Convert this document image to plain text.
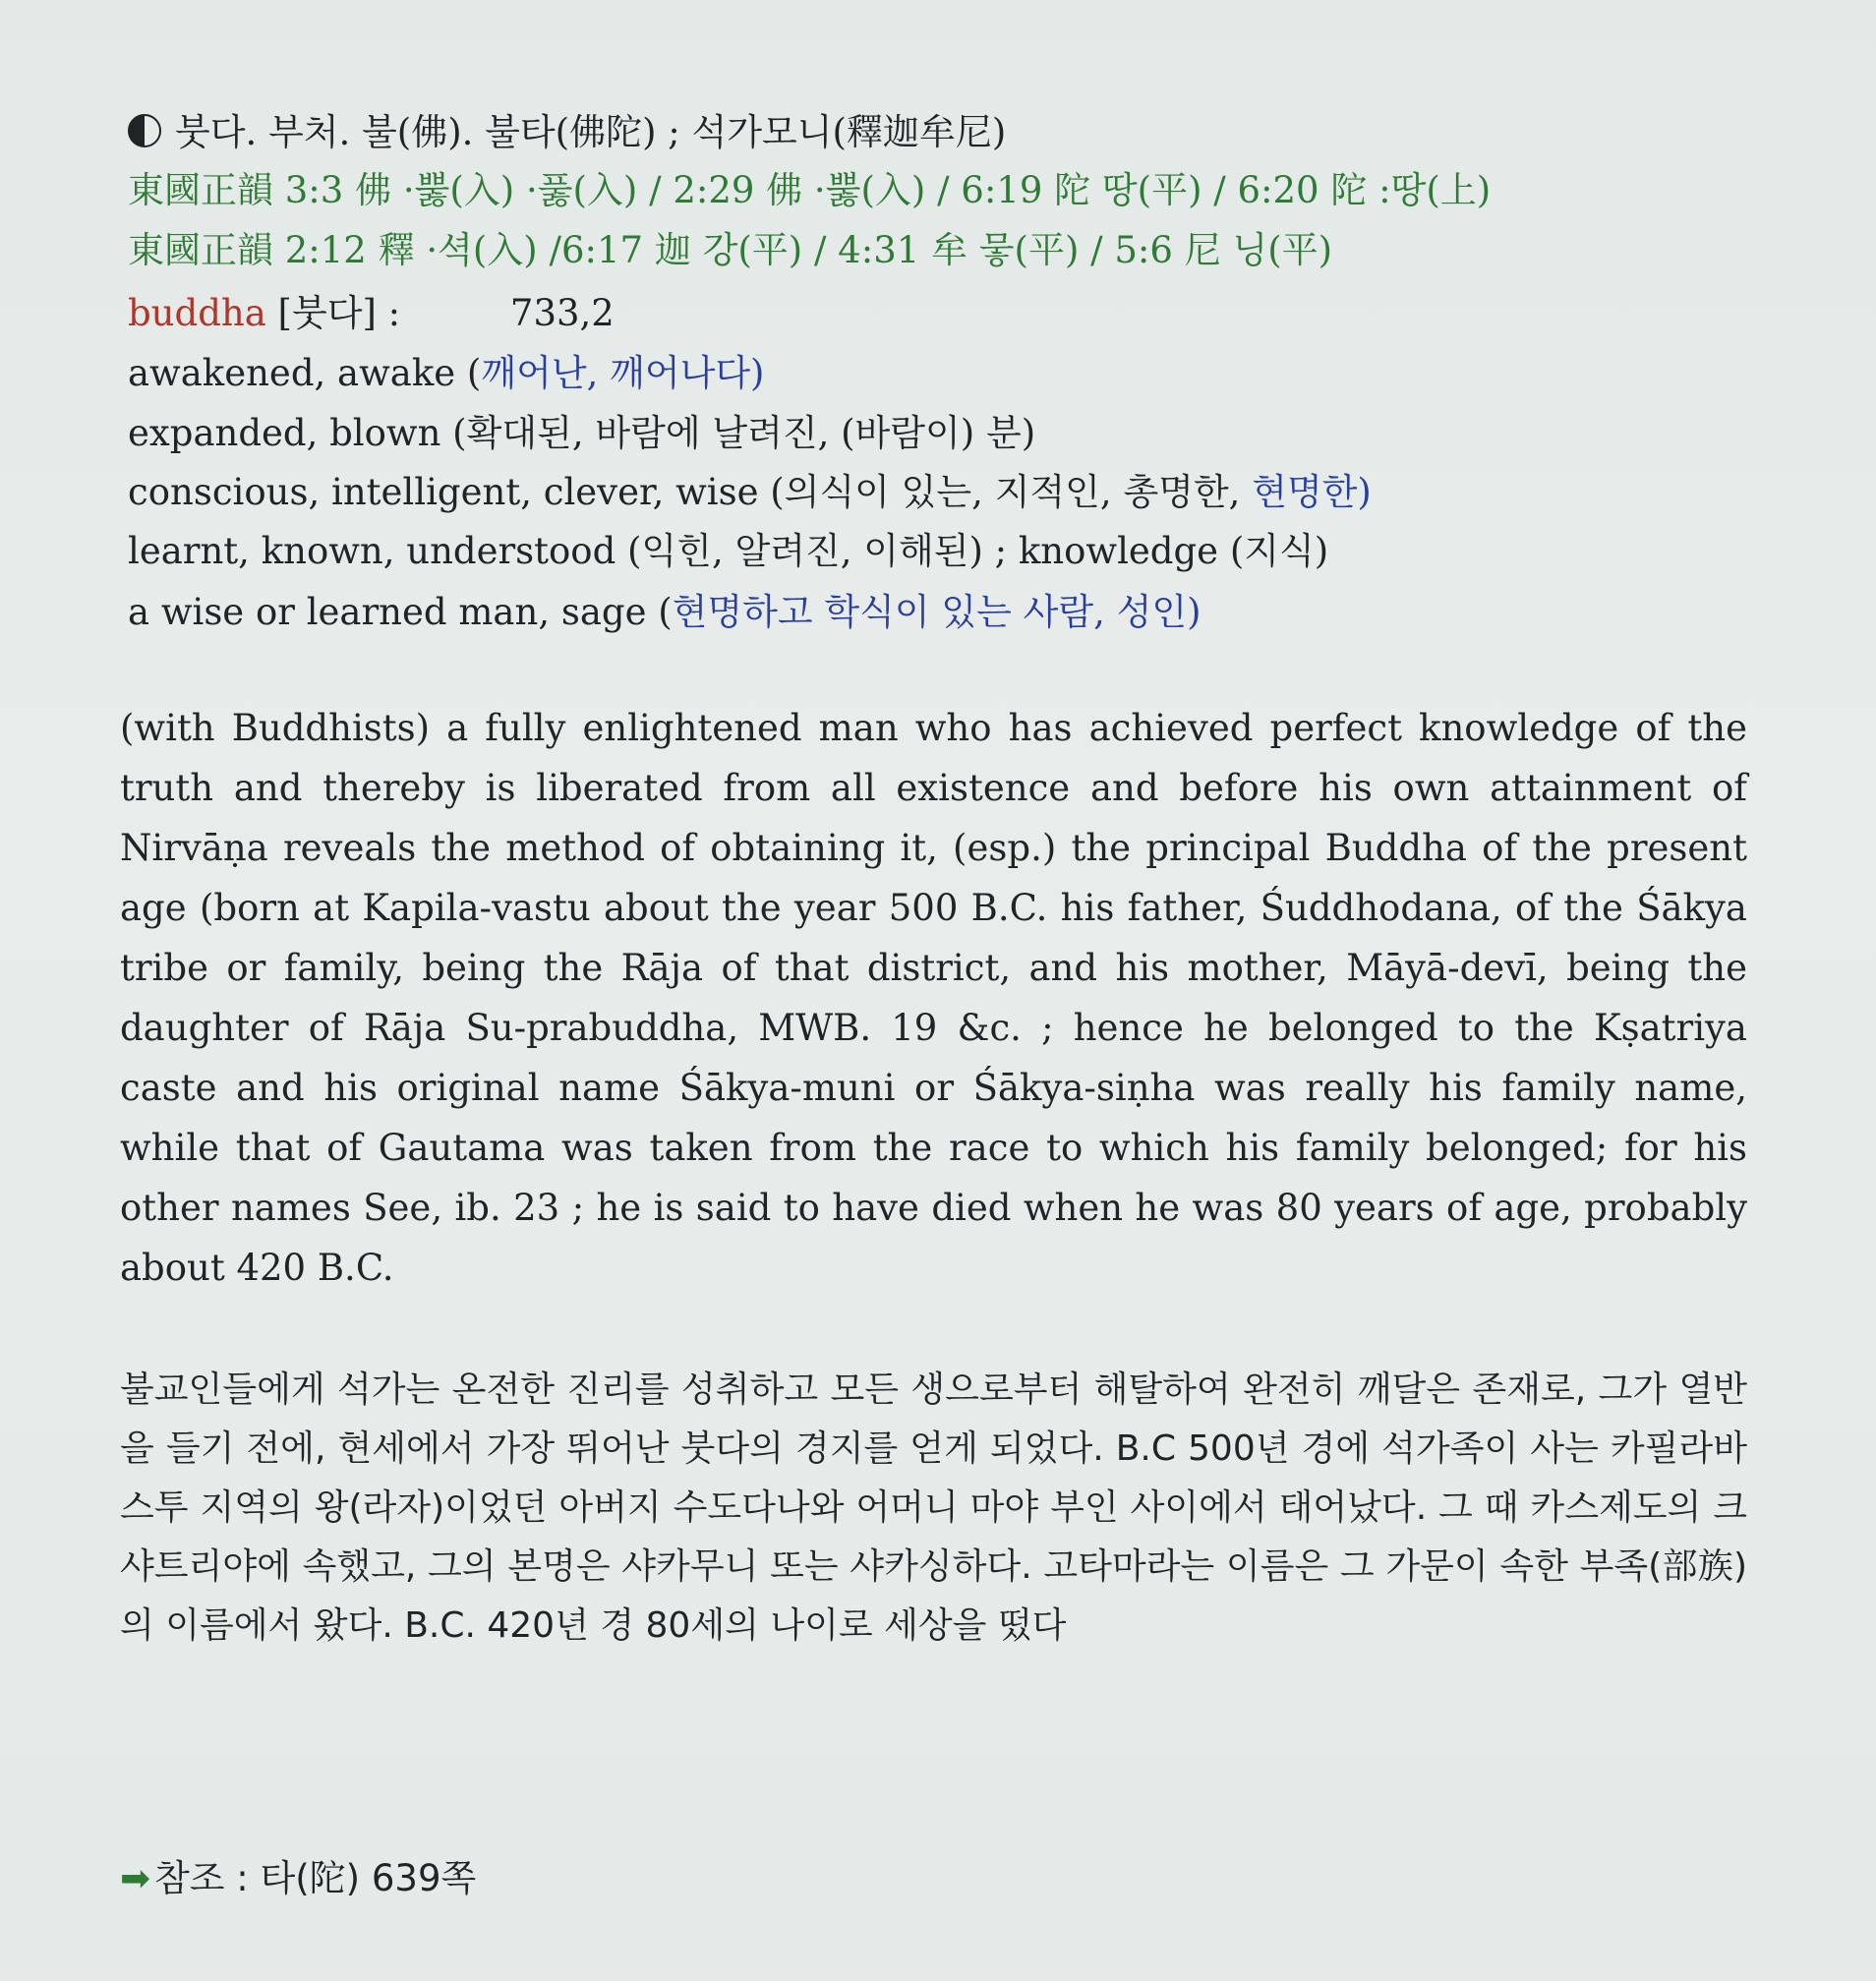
붓다. 부처. 불(佛). 불타(佛陀) ; 석가모니(釋迦牟尼)
東國正韻 3:3 佛 ·뿛(入) ·풇(入) / 2:29 佛 ·뿛(入) / 6:19 陀 땅(平) / 6:20 陀 :땅(上)
東國正韻 2:12 釋 ·셕(入) /6:17 迦 강(平) / 4:31 牟 뭏(平) / 5:6 尼 닝(平)
buddha [붓다] :	733,2
awakened, awake (깨어난, 깨어나다)
expanded, blown (확대된, 바람에 날려진, (바람이) 분)
conscious, intelligent, clever, wise (의식이 있는, 지적인, 총명한, 현명한)
learnt, known, understood (익힌, 알려진, 이해된) ; knowledge (지식)
a wise or learned man, sage (현명하고 학식이 있는 사람, 성인)
(with Buddhists) a fully enlightened man who has achieved perfect knowledge of the truth and thereby is liberated from all existence and before his own attainment of Nirvāṇa reveals the method of obtaining it, (esp.) the principal Buddha of the present age (born at Kapila-vastu about the year 500 B.C. his father, Śuddhodana, of the Śākya tribe or family, being the Rāja of that district, and his mother, Māyā-devī, being the daughter of Rāja Su-prabuddha, MWB. 19 &c. ; hence he belonged to the Kṣatriya caste and his original name Śākya-muni or Śākya-siṇha was really his family name, while that of Gautama was taken from the race to which his family belonged; for his other names See, ib. 23 ; he is said to have died when he was 80 years of age, probably about 420 B.C.
불교인들에게 석가는 온전한 진리를 성취하고 모든 생으로부터 해탈하여 완전히 깨달은 존재로, 그가 열반을 들기 전에, 현세에서 가장 뛰어난 붓다의 경지를 얻게 되었다. B.C 500년 경에 석가족이 사는 카필라바스투 지역의 왕(라자)이었던 아버지 수도다나와 어머니 마야 부인 사이에서 태어났다. 그 때 카스제도의 크샤트리야에 속했고, 그의 본명은 샤카무니 또는 샤카싱하다. 고타마라는 이름은 그 가문이 속한 부족(部族)의 이름에서 왔다. B.C. 420년 경 80세의 나이로 세상을 떴다
➡ 참조 : 타(陀) 639쪽
